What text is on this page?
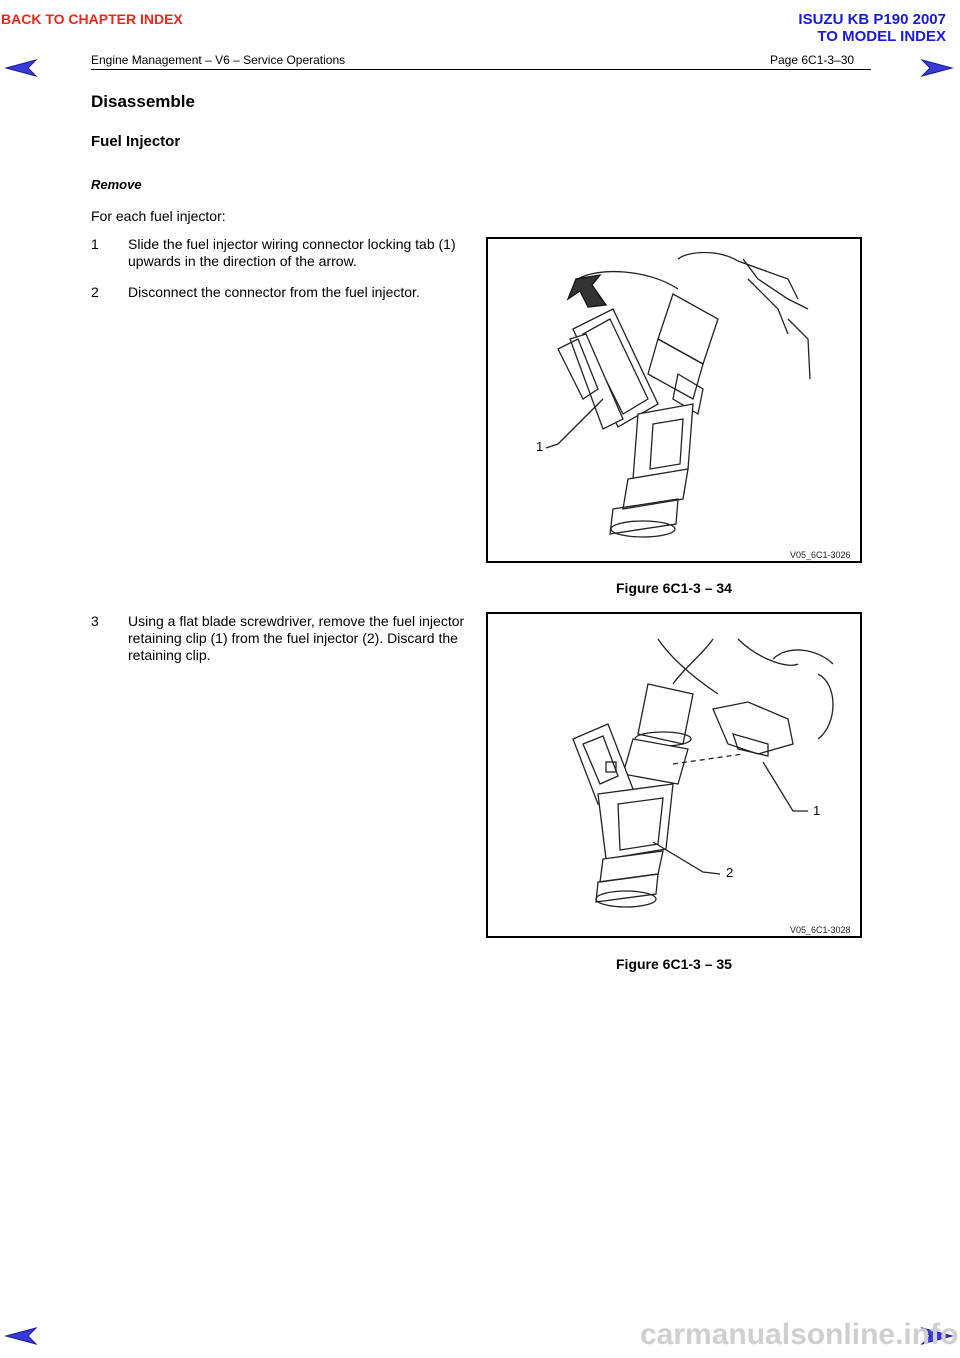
BACK TO CHAPTER INDEX	ISUZU KB P190 2007
TO MODEL INDEX
Engine Management – V6 – Service Operations	Page 6C1-3–30
Disassemble
Fuel Injector
Remove
For each fuel injector:
1 Slide the fuel injector wiring connector locking tab (1) upwards in the direction of the arrow.
2 Disconnect the connector from the fuel injector.
3 Using a flat blade screwdriver, remove the fuel injector retaining clip (1) from the fuel injector (2). Discard the retaining clip.
1
V05_6C1-3026
Figure 6C1-3 – 34
1
2
V05_6C1-3028
Figure 6C1-3 – 35
carmanualsonline.info
